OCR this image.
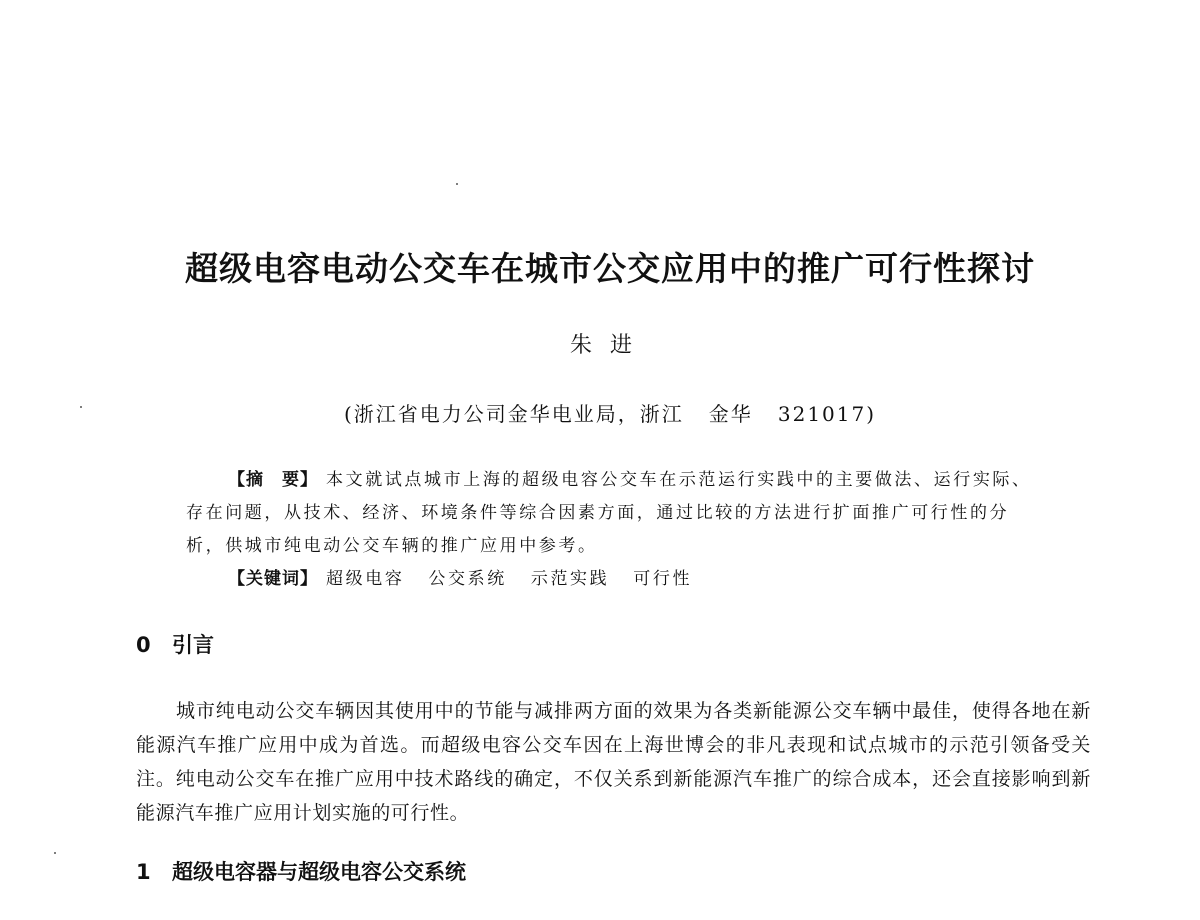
超级电容电动公交车在城市公交应用中的推广可行性探讨
朱进
(浙江省电力公司金华电业局，浙江   金华   321017)

【摘　要】 本文就试点城市上海的超级电容公交车在示范运行实践中的主要做法、运行实际、存在问题，从技术、经济、环境条件等综合因素方面，通过比较的方法进行扩面推广可行性的分析，供城市纯电动公交车辆的推广应用中参考。

【关键词】 超级电容   公交系统   示范实践   可行性
0 引言

城市纯电动公交车辆因其使用中的节能与减排两方面的效果为各类新能源公交车辆中最佳，使得各地在新能源汽车推广应用中成为首选。而超级电容公交车因在上海世博会的非凡表现和试点城市的示范引领备受关注。纯电动公交车在推广应用中技术路线的确定，不仅关系到新能源汽车推广的综合成本，还会直接影响到新能源汽车推广应用计划实施的可行性。

1 超级电容器与超级电容公交系统
